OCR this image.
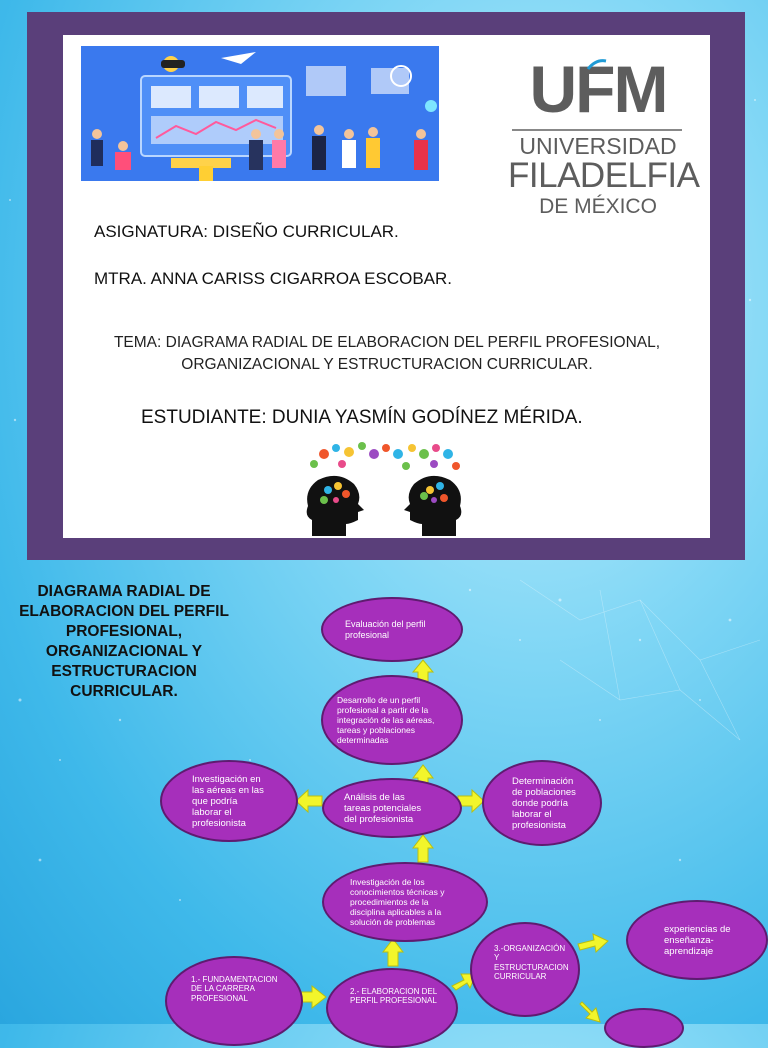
UFM
UNIVERSIDAD
FILADELFIA
DE MÉXICO
ASIGNATURA: DISEÑO CURRICULAR.
MTRA. ANNA CARISS CIGARROA ESCOBAR.
TEMA: DIAGRAMA RADIAL DE ELABORACION DEL PERFIL PROFESIONAL, ORGANIZACIONAL Y ESTRUCTURACION CURRICULAR.
ESTUDIANTE: DUNIA YASMÍN GODÍNEZ MÉRIDA.
DIAGRAMA RADIAL DE ELABORACION DEL PERFIL PROFESIONAL, ORGANIZACIONAL Y ESTRUCTURACION CURRICULAR.
Evaluación del perfil profesional
Desarrollo de un perfil profesional a partir de la integración de las aéreas, tareas y poblaciones determinadas
Investigación en las aéreas en las que podría laborar el profesionista
Análisis de las tareas potenciales del profesionista
Determinación de poblaciones donde podría laborar el profesionista
Investigación de los conocimientos técnicas y procedimientos de la disciplina aplicables a la solución de problemas
experiencias de enseñanza-aprendizaje
3.-ORGANIZACIÓN Y ESTRUCTURACION CURRICULAR
1.- FUNDAMENTACION DE LA CARRERA PROFESIONAL
2.- ELABORACION DEL PERFIL PROFESIONAL
